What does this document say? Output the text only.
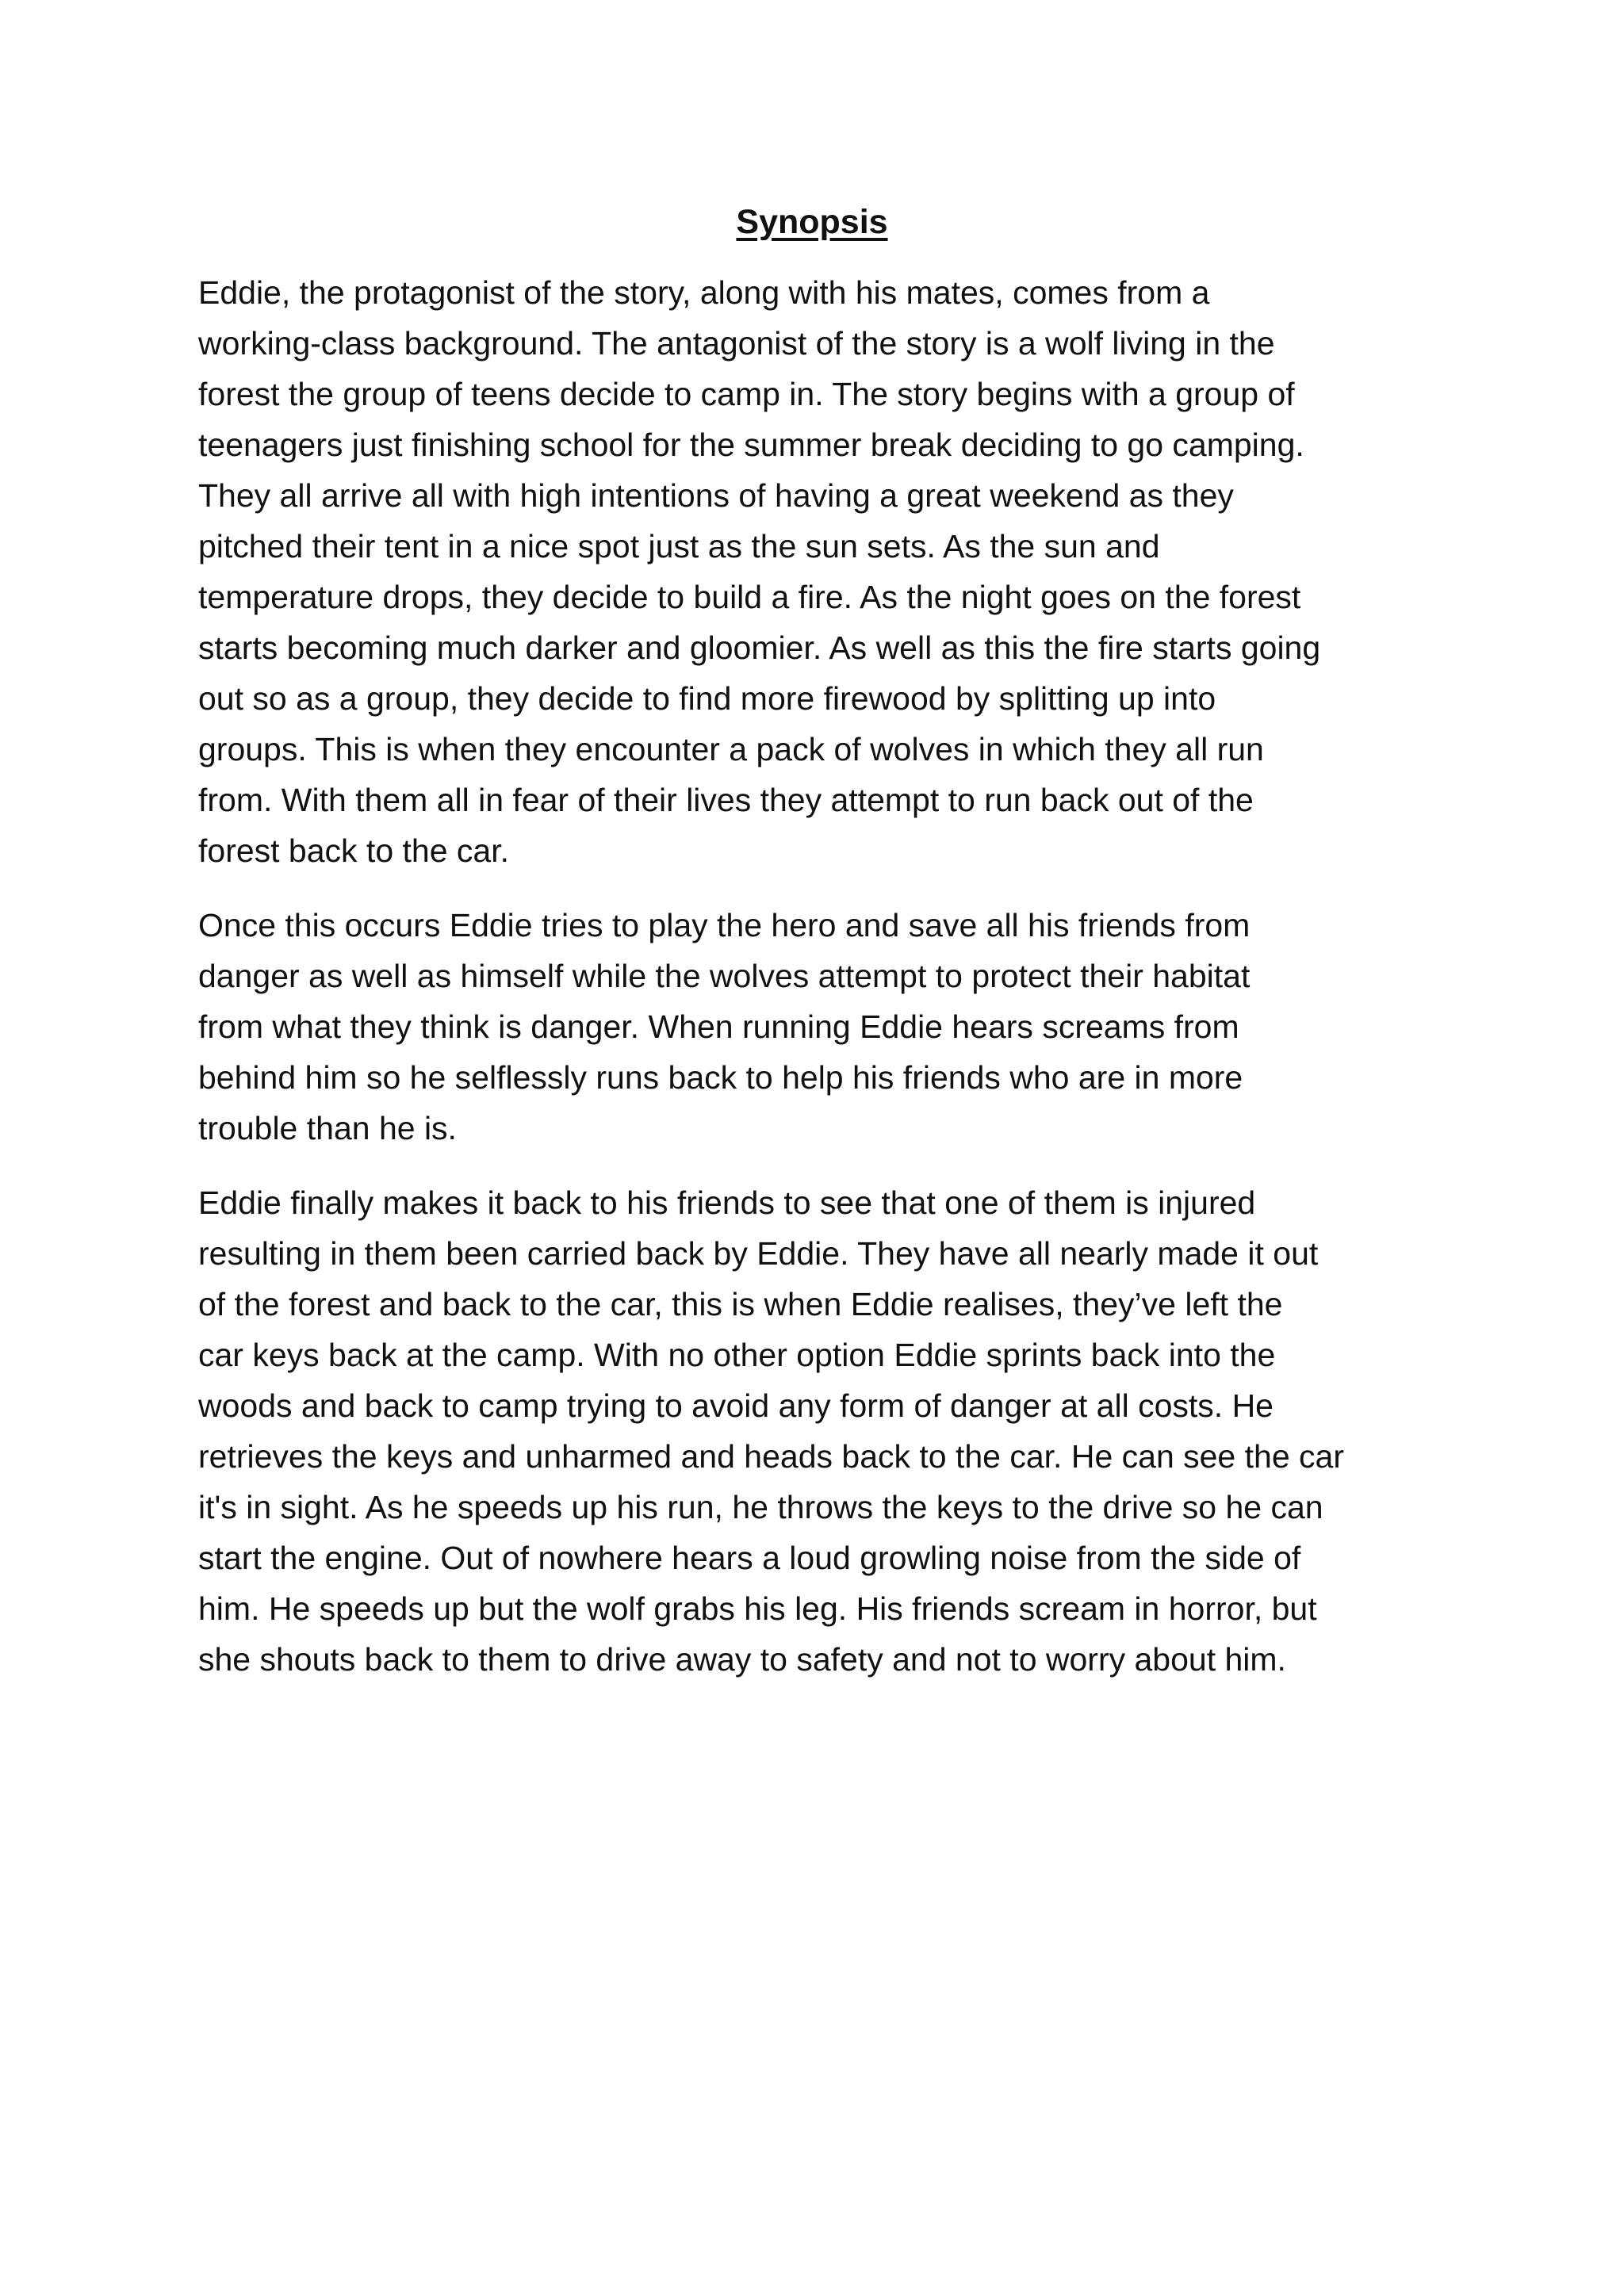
Synopsis

Eddie, the protagonist of the story, along with his mates, comes from a
working-class background. The antagonist of the story is a wolf living in the
forest the group of teens decide to camp in. The story begins with a group of
teenagers just finishing school for the summer break deciding to go camping.
They all arrive all with high intentions of having a great weekend as they
pitched their tent in a nice spot just as the sun sets. As the sun and
temperature drops, they decide to build a fire. As the night goes on the forest
starts becoming much darker and gloomier. As well as this the fire starts going
out so as a group, they decide to find more firewood by splitting up into
groups. This is when they encounter a pack of wolves in which they all run
from. With them all in fear of their lives they attempt to run back out of the
forest back to the car.

Once this occurs Eddie tries to play the hero and save all his friends from
danger as well as himself while the wolves attempt to protect their habitat
from what they think is danger. When running Eddie hears screams from
behind him so he selflessly runs back to help his friends who are in more
trouble than he is.

Eddie finally makes it back to his friends to see that one of them is injured
resulting in them been carried back by Eddie. They have all nearly made it out
of the forest and back to the car, this is when Eddie realises, they’ve left the
car keys back at the camp. With no other option Eddie sprints back into the
woods and back to camp trying to avoid any form of danger at all costs. He
retrieves the keys and unharmed and heads back to the car. He can see the car
it's in sight. As he speeds up his run, he throws the keys to the drive so he can
start the engine. Out of nowhere hears a loud growling noise from the side of
him. He speeds up but the wolf grabs his leg. His friends scream in horror, but
she shouts back to them to drive away to safety and not to worry about him.
